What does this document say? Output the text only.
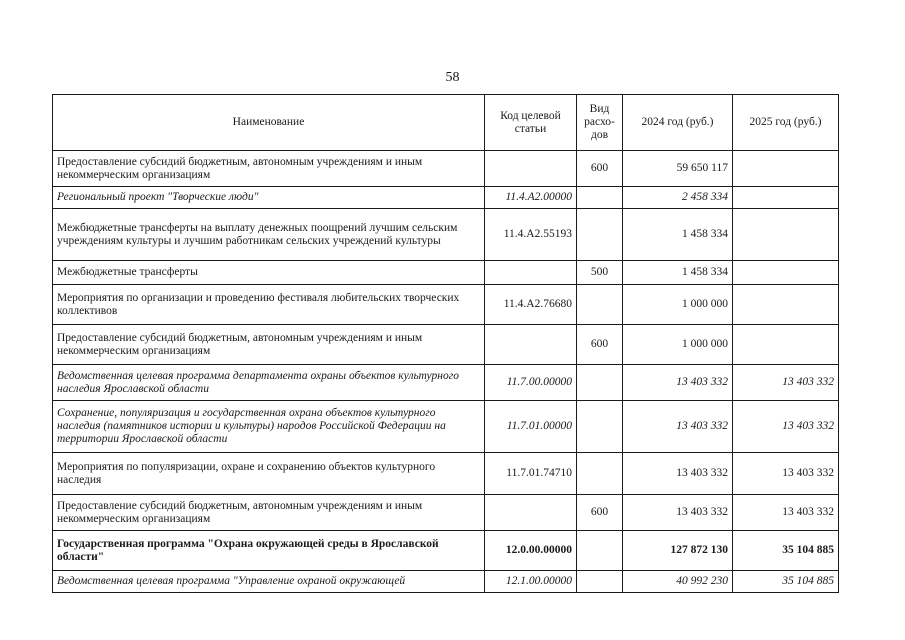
58
Наименование	Код целевой статьи	Вид расхо-дов	2024 год (руб.)	2025 год (руб.)
Предоставление субсидий бюджетным, автономным учреждениям и иным некоммерческим организациям		600	59 650 117	
Региональный проект "Творческие люди"	11.4.А2.00000		2 458 334	
Межбюджетные трансферты на выплату денежных поощрений лучшим сельским учреждениям культуры и лучшим работникам сельских учреждений культуры	11.4.А2.55193		1 458 334	
Межбюджетные трансферты		500	1 458 334	
Мероприятия по организации и проведению фестиваля любительских творческих коллективов	11.4.А2.76680		1 000 000	
Предоставление субсидий бюджетным, автономным учреждениям и иным некоммерческим организациям		600	1 000 000	
Ведомственная целевая программа департамента охраны объектов культурного наследия Ярославской области	11.7.00.00000		13 403 332	13 403 332
Сохранение, популяризация и государственная охрана объектов культурного наследия (памятников истории и культуры) народов Российской Федерации на территории Ярославской области	11.7.01.00000		13 403 332	13 403 332
Мероприятия по популяризации, охране и сохранению объектов культурного наследия	11.7.01.74710		13 403 332	13 403 332
Предоставление субсидий бюджетным, автономным учреждениям и иным некоммерческим организациям		600	13 403 332	13 403 332
Государственная программа "Охрана окружающей среды в Ярославской области"	12.0.00.00000		127 872 130	35 104 885
Ведомственная целевая программа "Управление охраной окружающей	12.1.00.00000		40 992 230	35 104 885
